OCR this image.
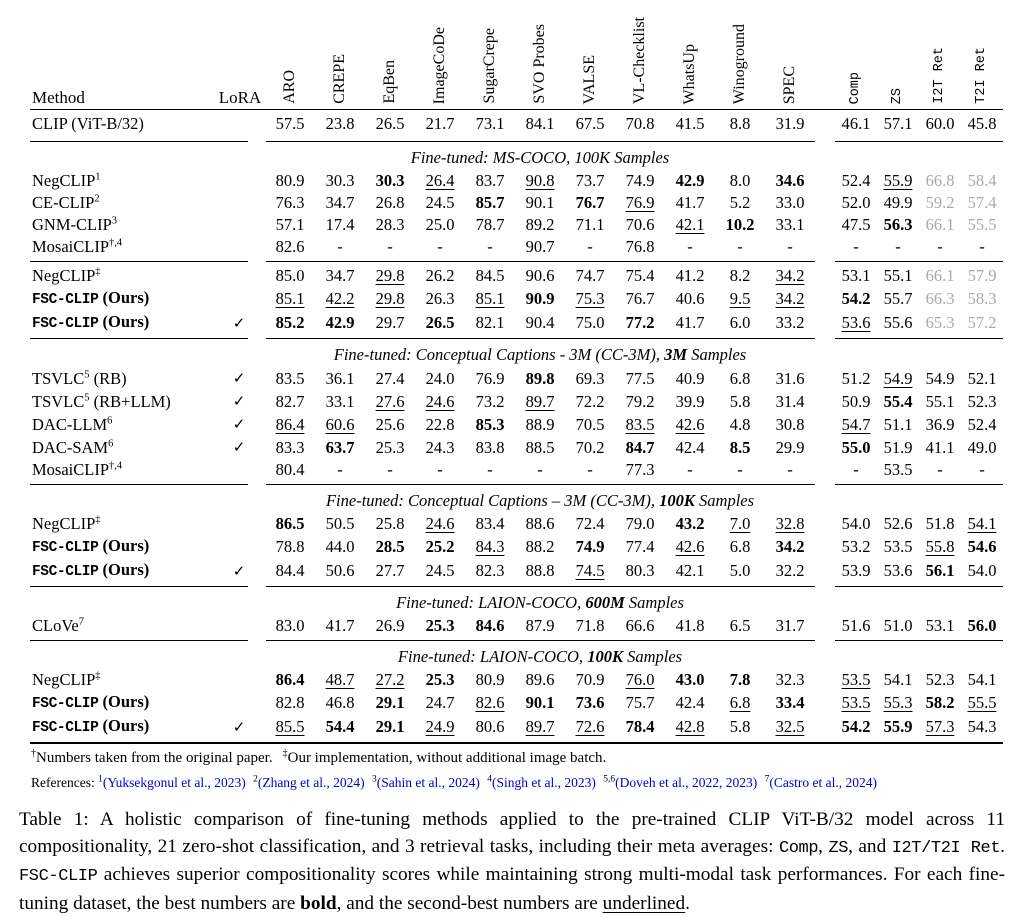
Method	LoRA	ARO	CREPE	EqBen	ImageCoDe	SugarCrepe	SVO Probes	VALSE	VL-Checklist	WhatsUp	Winoground	SPEC		Comp	ZS	I2T Ret	T2I Ret
CLIP (ViT-B/32)		57.5	23.8	26.5	21.7	73.1	84.1	67.5	70.8	41.5	8.8	31.9		46.1	57.1	60.0	45.8

		Fine-tuned: MS-COCO, 100K Samples															
NegCLIP$^1$		80.9	30.3	30.3	26.4	83.7	90.8	73.7	74.9	42.9	8.0	34.6		52.4	55.9	66.8	58.4
CE-CLIP$^2$		76.3	34.7	26.8	24.5	85.7	90.1	76.7	76.9	41.7	5.2	33.0		52.0	49.9	59.2	57.4
GNM-CLIP$^3$		57.1	17.4	28.3	25.0	78.7	89.2	71.1	70.6	42.1	10.2	33.1		47.5	56.3	66.1	55.5
MosaiCLIP$^{\dagger,4}$		82.6	-	-	-	-	90.7	-	76.8	-	-	-		-	-	-	-

NegCLIP‡		85.0	34.7	29.8	26.2	84.5	90.6	74.7	75.4	41.2	8.2	34.2		53.1	55.1	66.1	57.9
FSC-CLIP (Ours)		85.1	42.2	29.8	26.3	85.1	90.9	75.3	76.7	40.6	9.5	34.2		54.2	55.7	66.3	58.3
FSC-CLIP (Ours)	✓	85.2	42.9	29.7	26.5	82.1	90.4	75.0	77.2	41.7	6.0	33.2		53.6	55.6	65.3	57.2

		Fine-tuned: Conceptual Captions - 3M (CC-3M), 3M Samples															
TSVLC$^5$ (RB)	✓	83.5	36.1	27.4	24.0	76.9	89.8	69.3	77.5	40.9	6.8	31.6		51.2	54.9	54.9	52.1
TSVLC$^5$ (RB+LLM)	✓	82.7	33.1	27.6	24.6	73.2	89.7	72.2	79.2	39.9	5.8	31.4		50.9	55.4	55.1	52.3
DAC-LLM$^6$	✓	86.4	60.6	25.6	22.8	85.3	88.9	70.5	83.5	42.6	4.8	30.8		54.7	51.1	36.9	52.4
DAC-SAM$^6$	✓	83.3	63.7	25.3	24.3	83.8	88.5	70.2	84.7	42.4	8.5	29.9		55.0	51.9	41.1	49.0
MosaiCLIP$^{\dagger,4}$		80.4	-	-	-	-	-	-	77.3	-	-	-		-	53.5	-	-

		Fine-tuned: Conceptual Captions – 3M (CC-3M), 100K Samples															
NegCLIP‡		86.5	50.5	25.8	24.6	83.4	88.6	72.4	79.0	43.2	7.0	32.8		54.0	52.6	51.8	54.1
FSC-CLIP (Ours)		78.8	44.0	28.5	25.2	84.3	88.2	74.9	77.4	42.6	6.8	34.2		53.2	53.5	55.8	54.6
FSC-CLIP (Ours)	✓	84.4	50.6	27.7	24.5	82.3	88.8	74.5	80.3	42.1	5.0	32.2		53.9	53.6	56.1	54.0

		Fine-tuned: LAION-COCO, 600M Samples															
CLoVe$^7$		83.0	41.7	26.9	25.3	84.6	87.9	71.8	66.6	41.8	6.5	31.7		51.6	51.0	53.1	56.0

		Fine-tuned: LAION-COCO, 100K Samples															
NegCLIP‡		86.4	48.7	27.2	25.3	80.9	89.6	70.9	76.0	43.0	7.8	32.3		53.5	54.1	52.3	54.1
FSC-CLIP (Ours)		82.8	46.8	29.1	24.7	82.6	90.1	73.6	75.7	42.4	6.8	33.4		53.5	55.3	58.2	55.5
FSC-CLIP (Ours)	✓	85.5	54.4	29.1	24.9	80.6	89.7	72.6	78.4	42.8	5.8	32.5		54.2	55.9	57.3	54.3

†Numbers taken from the original paper. ‡Our implementation, without additional image batch.
References: $^1$(Yuksekgonul et al., 2023) $^2$(Zhang et al., 2024) $^3$(Sahin et al., 2024) $^4$(Singh et al., 2023) $^{5,6}$(Doveh et al., 2022, 2023) $^7$(Castro et al., 2024)
Table 1: A holistic comparison of fine-tuning methods applied to the pre-trained CLIP ViT-B/32 model across 11 compositionality, 21 zero-shot classification, and 3 retrieval tasks, including their meta averages: Comp, ZS, and I2T/T2I Ret. FSC-CLIP achieves superior compositionality scores while maintaining strong multi-modal task performances. For each fine-tuning dataset, the best numbers are bold, and the second-best numbers are underlined.
